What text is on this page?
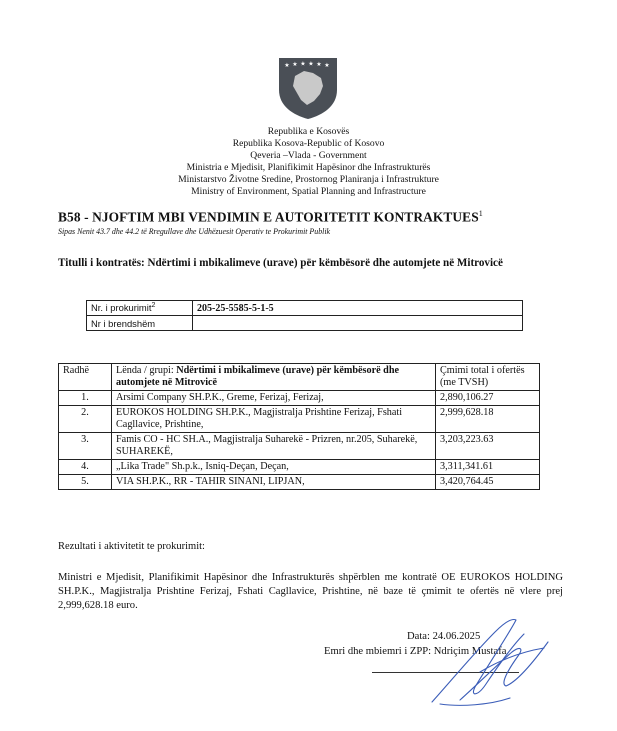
★ ★ ★ ★ ★ ★
Republika e Kosovës
Republika Kosova-Republic of Kosovo
Qeveria –Vlada - Government
Ministria e Mjedisit, Planifikimit Hapësinor dhe Infrastrukturës
Ministarstvo Životne Sredine, Prostornog Planiranja i Infrastrukture
Ministry of Environment, Spatial Planning and Infrastructure
B58 - NJOFTIM MBI VENDIMIN E AUTORITETIT KONTRAKTUES$^1$
Sipas Nenit 43.7 dhe 44.2 të Rregullave dhe Udhëzuesit Operativ te Prokurimit Publik
Titulli i kontratës: Ndërtimi i mbikalimeve (urave) për këmbësorë dhe automjete në Mitrovicë
Nr. i prokurimit$^2$	205-25-5585-5-1-5
Nr i brendshëm	
Radhë	Lënda / grupi: Ndërtimi i mbikalimeve (urave) për këmbësorë dhe automjete në Mitrovicë	Çmimi total i ofertës (me TVSH)
1.	Arsimi Company SH.P.K., Greme, Ferizaj, Ferizaj,	2,890,106.27
2.	EUROKOS HOLDING SH.P.K., Magjistralja Prishtine Ferizaj, Fshati Cagllavice, Prishtine,	2,999,628.18
3.	Famis CO - HC SH.A., Magjistralja Suharekë - Prizren, nr.205, Suharekë, SUHAREKË,	3,203,223.63
4.	„Lika Trade" Sh.p.k., Isniq-Deçan, Deçan,	3,311,341.61
5.	VIA SH.P.K., RR - TAHIR SINANI, LIPJAN,	3,420,764.45
Rezultati i aktivitetit te prokurimit:
Ministri e Mjedisit, Planifikimit Hapësinor dhe Infrastrukturës shpërblen me kontratë OE EUROKOS HOLDING SH.P.K., Magjistralja Prishtine Ferizaj, Fshati Cagllavice, Prishtine, në baze të çmimit te ofertës në vlere prej 2,999,628.18 euro.
Data: 24.06.2025
Emri dhe mbiemri i ZPP: Ndriçim Mustafa
